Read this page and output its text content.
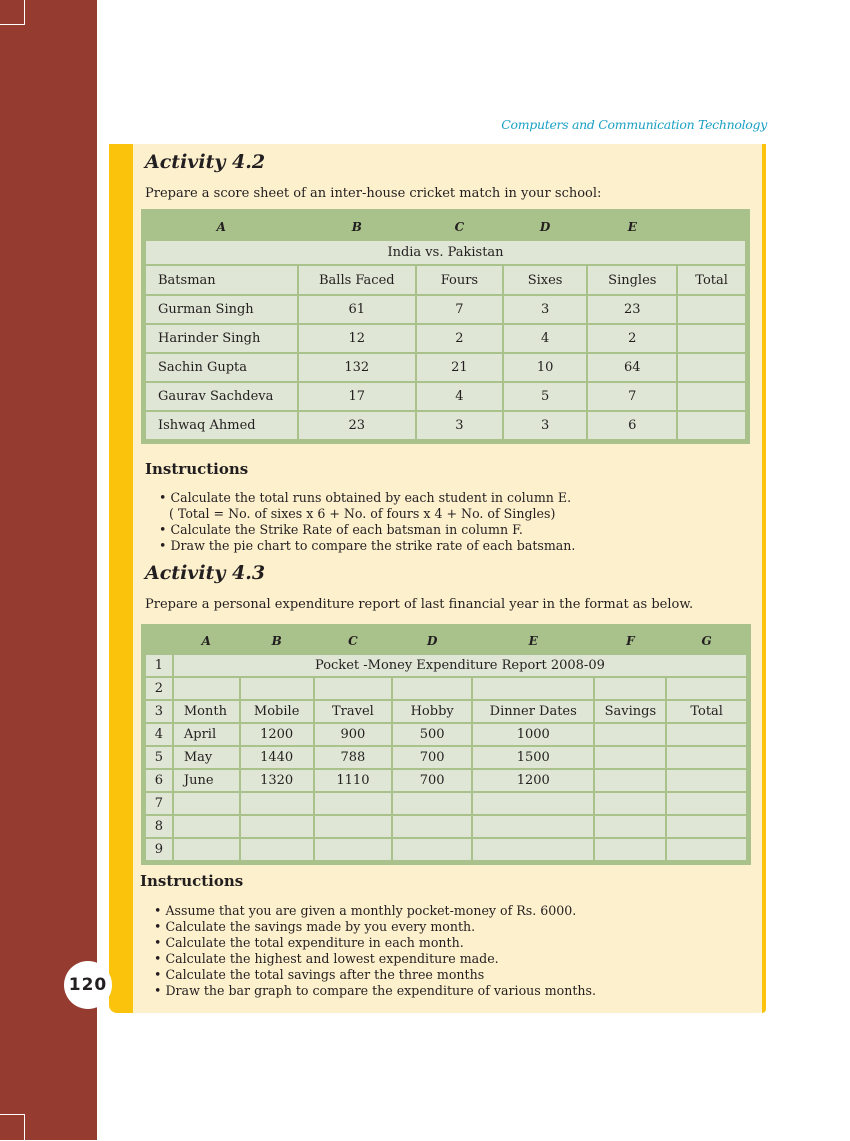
Computers and Communication Technology
Activity 4.2
Prepare a score sheet of an inter-house cricket match in your school:
A	B	C	D	E	
India vs. Pakistan					
Batsman	Balls Faced	Fours	Sixes	Singles	Total
Gurman Singh	61	7	3	23	
Harinder Singh	12	2	4	2	
Sachin Gupta	132	21	10	64	
Gaurav Sachdeva	17	4	5	7	
Ishwaq Ahmed	23	3	3	6	
Instructions
• Calculate the total runs obtained by each student in column E.
( Total = No. of sixes x 6 + No. of fours x 4 + No. of Singles)
• Calculate the Strike Rate of each batsman in column F.
• Draw the pie chart to compare the strike rate of each batsman.
Activity 4.3
Prepare a personal expenditure report of last financial year in the format as below.
	A	B	C	D	E	F	G
1	Pocket -Money Expenditure Report 2008-09						
2							
3	Month	Mobile	Travel	Hobby	Dinner Dates	Savings	Total
4	April	1200	900	500	1000		
5	May	1440	788	700	1500		
6	June	1320	1110	700	1200		
7							
8							
9							
Instructions
• Assume that you are given a monthly pocket-money of Rs. 6000.
• Calculate the savings made by you every month.
• Calculate the total expenditure in each month.
• Calculate the highest and lowest expenditure made.
• Calculate the total savings after the three months
• Draw the bar graph to compare the expenditure of various months.
120
